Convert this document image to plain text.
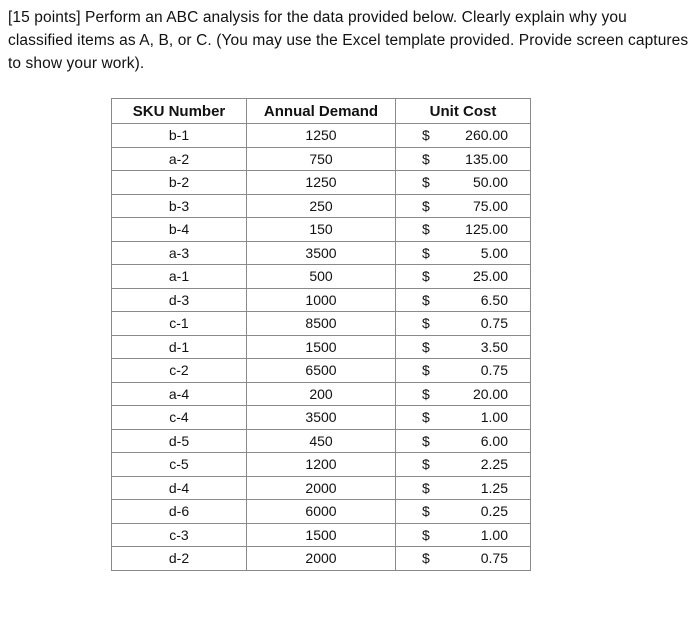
[15 points] Perform an ABC analysis for the data provided below. Clearly explain why you classified items as A, B, or C. (You may use the Excel template provided. Provide screen captures to show your work).

SKU Number	Annual Demand	Unit Cost
b-1	1250	$ 260.00

a-2	750	$ 135.00

b-2	1250	$ 50.00

b-3	250	$ 75.00

b-4	150	$ 125.00

a-3	3500	$ 5.00

a-1	500	$ 25.00

d-3	1000	$ 6.50

c-1	8500	$ 0.75

d-1	1500	$ 3.50

c-2	6500	$ 0.75

a-4	200	$ 20.00

c-4	3500	$ 1.00

d-5	450	$ 6.00

c-5	1200	$ 2.25

d-4	2000	$ 1.25

d-6	6000	$ 0.25

c-3	1500	$ 1.00

d-2	2000	$ 0.75
